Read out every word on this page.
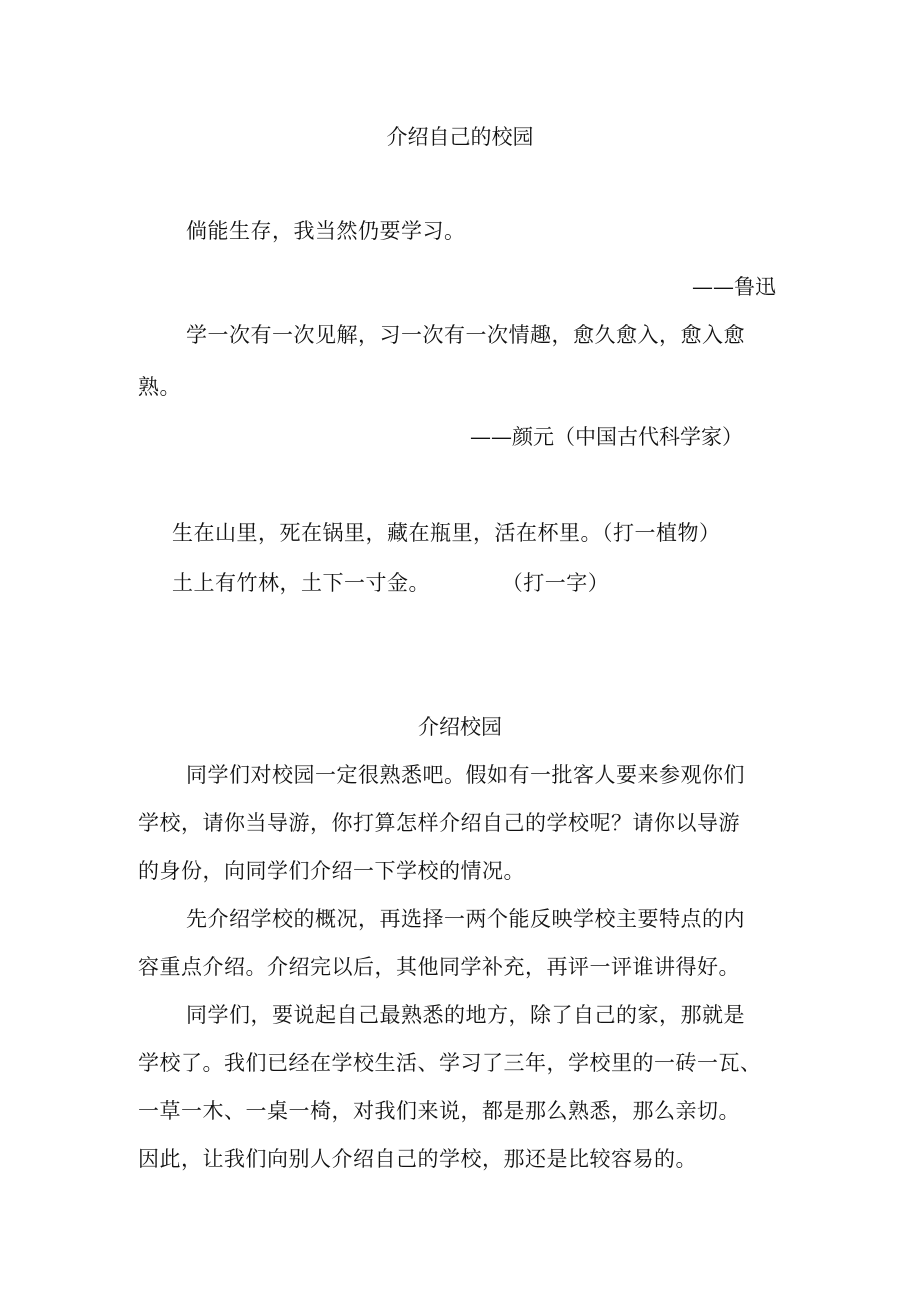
介绍自己的校园
倘能生存，我当然仍要学习。
——鲁迅
学一次有一次见解，习一次有一次情趣，愈久愈入，愈入愈
熟。
——颜元（中国古代科学家）
生在山里，死在锅里，藏在瓶里，活在杯里。（打一植物）
土上有竹林，土下一寸金。          （打一字）
介绍校园
同学们对校园一定很熟悉吧。假如有一批客人要来参观你们
学校，请你当导游，你打算怎样介绍自己的学校呢？请你以导游
的身份，向同学们介绍一下学校的情况。
先介绍学校的概况，再选择一两个能反映学校主要特点的内
容重点介绍。介绍完以后，其他同学补充，再评一评谁讲得好。
同学们，要说起自己最熟悉的地方，除了自己的家，那就是
学校了。我们已经在学校生活、学习了三年，学校里的一砖一瓦、
一草一木、一桌一椅，对我们来说，都是那么熟悉，那么亲切。
因此，让我们向别人介绍自己的学校，那还是比较容易的。
